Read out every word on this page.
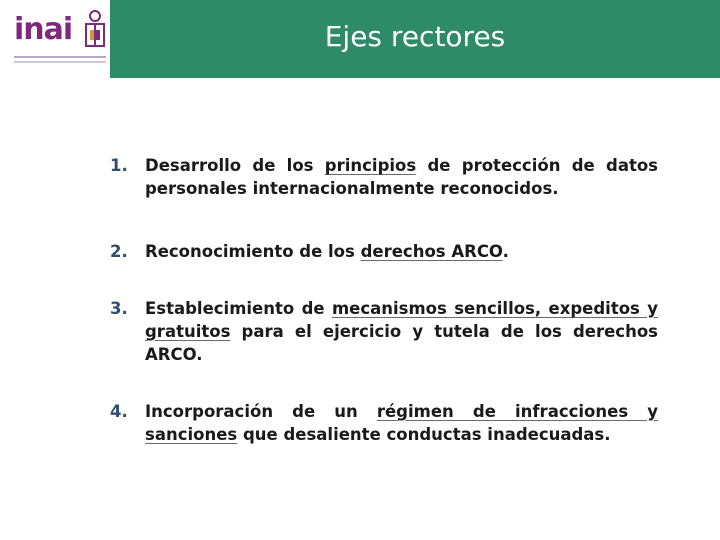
inai	Ejes rectores
1. Desarrollo de los principios de protección de datos personales internacionalmente reconocidos.
2. Reconocimiento de los derechos ARCO.
3. Establecimiento de mecanismos sencillos, expeditos y gratuitos para el ejercicio y tutela de los derechos ARCO.
4. Incorporación de un régimen de infracciones y sanciones que desaliente conductas inadecuadas.
